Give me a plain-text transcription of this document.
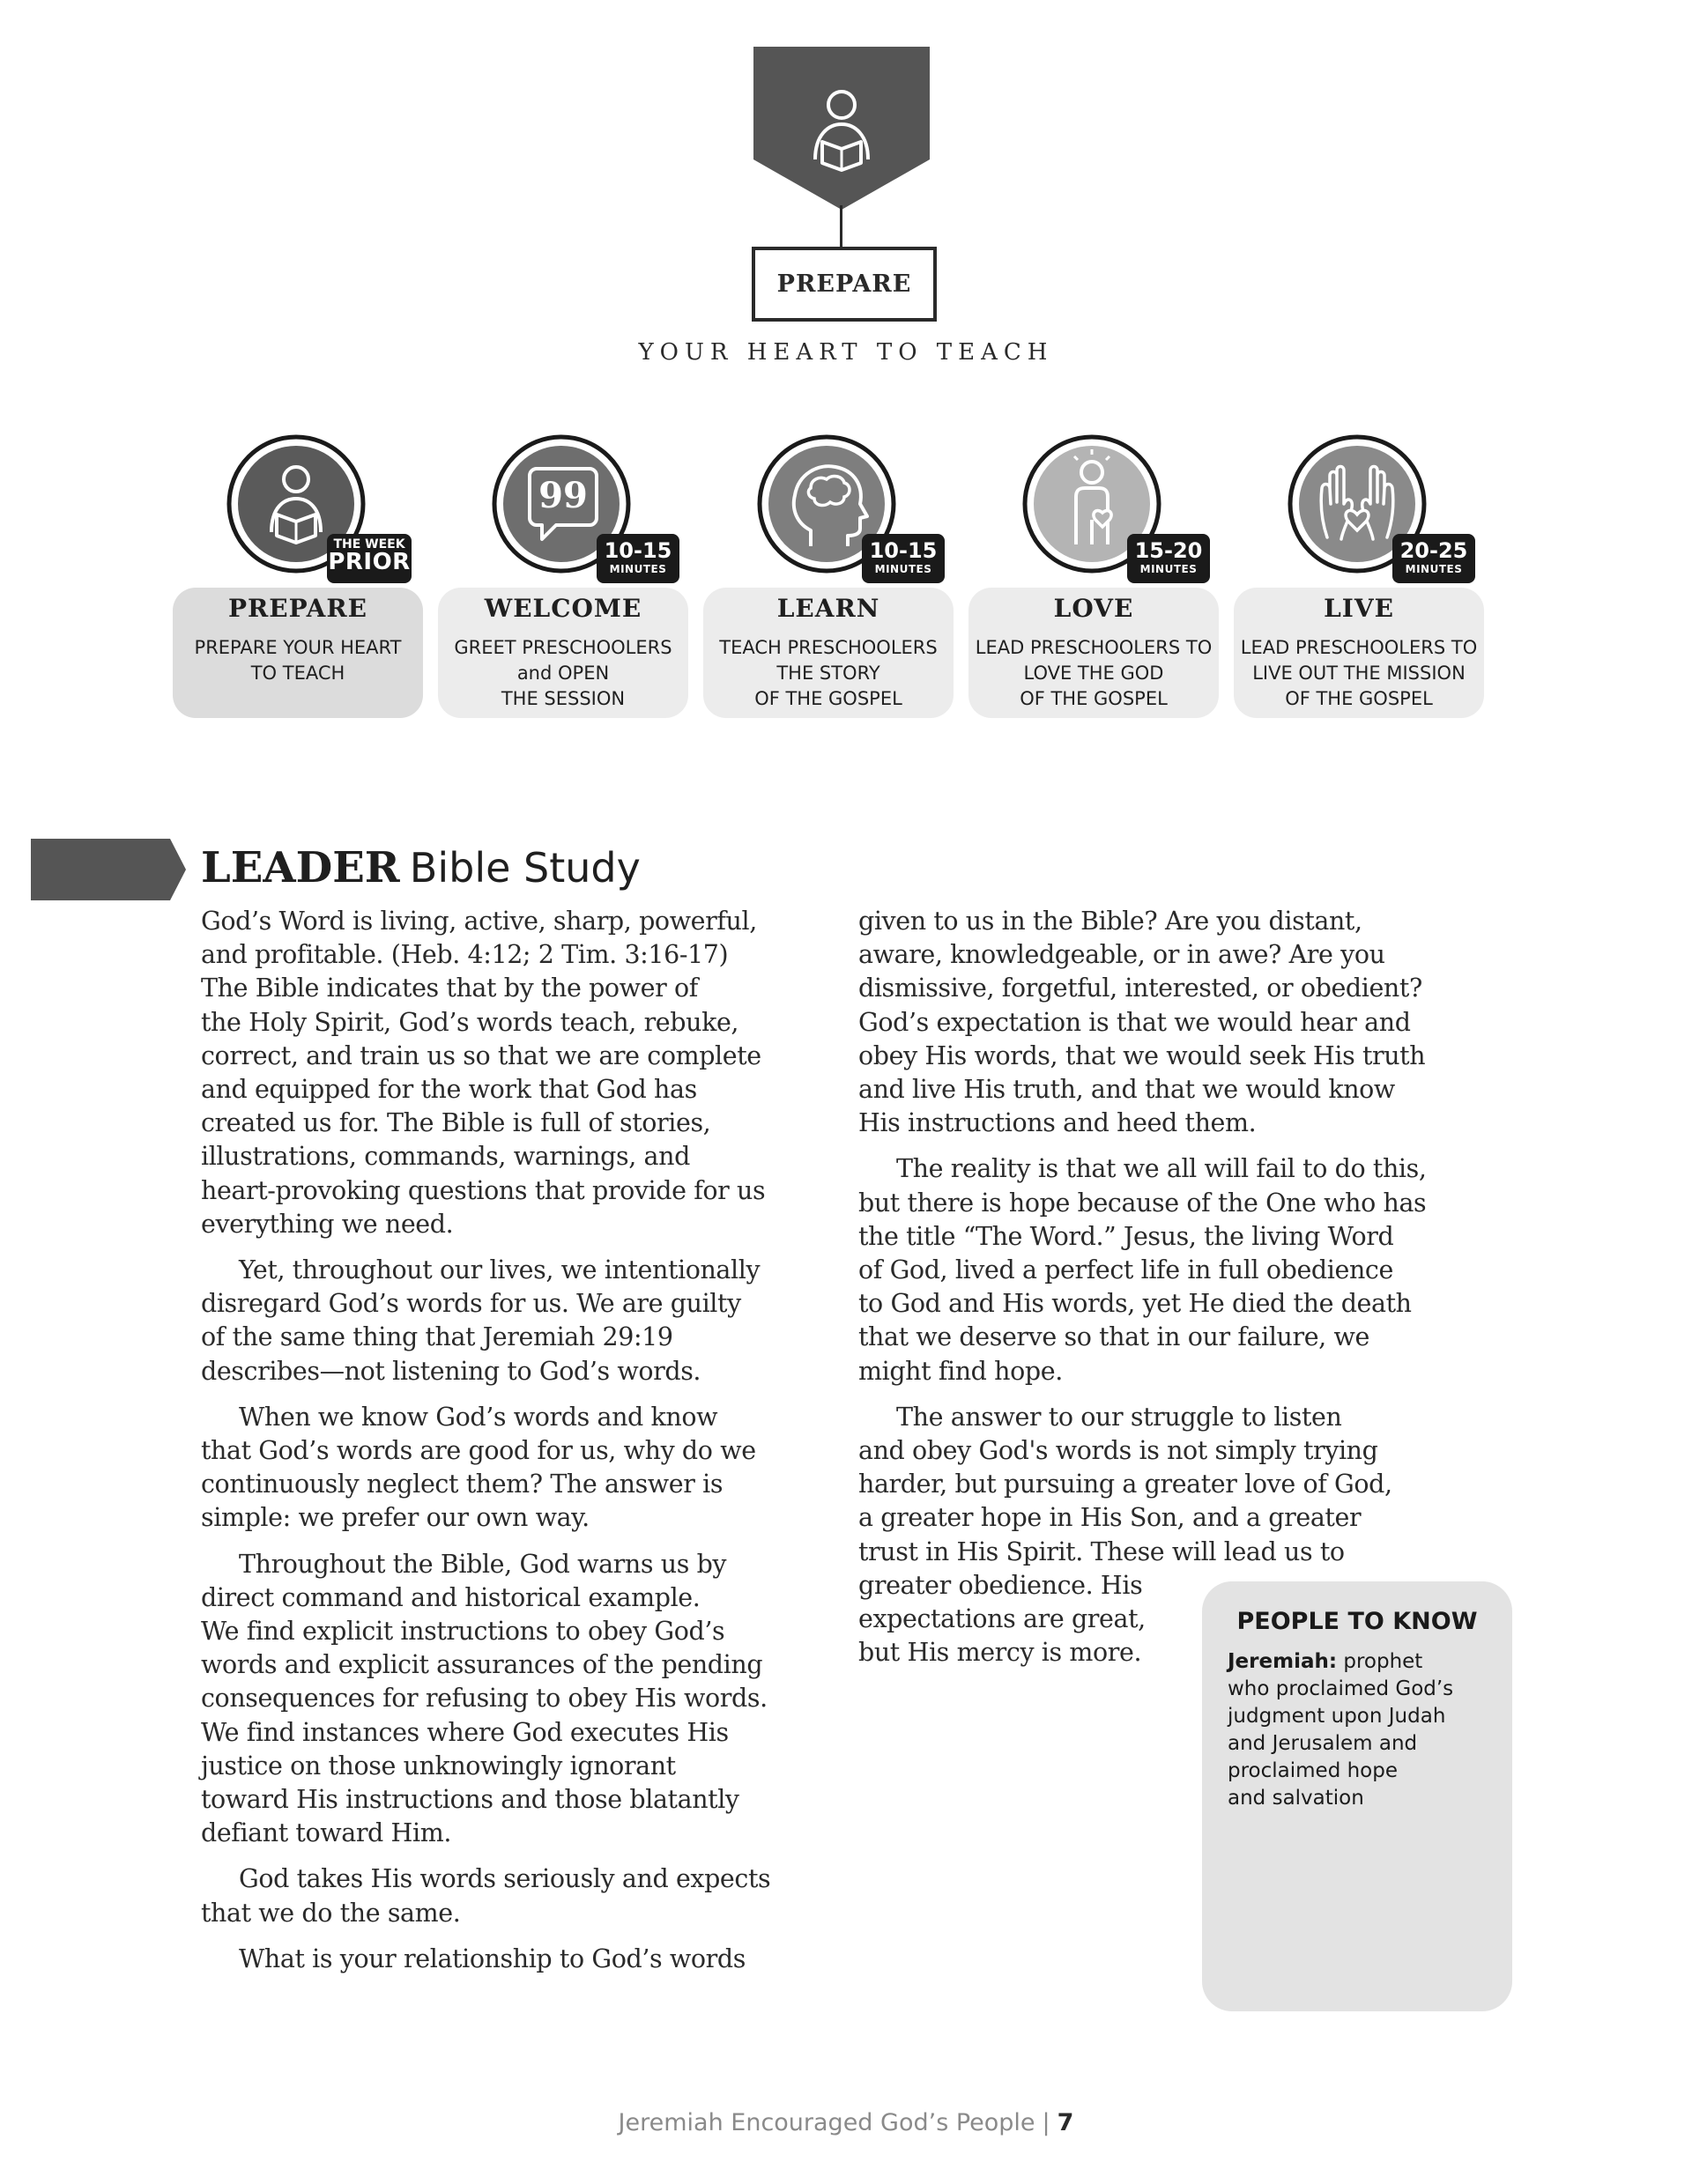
PREPARE
YOUR HEART TO TEACH
THE WEEK
PRIOR
PREPARE
PREPARE YOUR HEART
TO TEACH
99
10-15
MINUTES
WELCOME
GREET PRESCHOOLERS
and OPEN
THE SESSION
10-15
MINUTES
LEARN
TEACH PRESCHOOLERS
THE STORY
OF THE GOSPEL
15-20
MINUTES
LOVE
LEAD PRESCHOOLERS TO
LOVE THE GOD
OF THE GOSPEL
20-25
MINUTES
LIVE
LEAD PRESCHOOLERS TO
LIVE OUT THE MISSION
OF THE GOSPEL
LEADER Bible Study

God’s Word is living, active, sharp, powerful,
and profitable. (Heb. 4:12; 2 Tim. 3:16-17)
The Bible indicates that by the power of
the Holy Spirit, God’s words teach, rebuke,
correct, and train us so that we are complete
and equipped for the work that God has
created us for. The Bible is full of stories,
illustrations, commands, warnings, and
heart-provoking questions that provide for us
everything we need.

Yet, throughout our lives, we intentionally
disregard God’s words for us. We are guilty
of the same thing that Jeremiah 29:19
describes—not listening to God’s words.

When we know God’s words and know
that God’s words are good for us, why do we
continuously neglect them? The answer is
simple: we prefer our own way.

Throughout the Bible, God warns us by
direct command and historical example.
We find explicit instructions to obey God’s
words and explicit assurances of the pending
consequences for refusing to obey His words.
We find instances where God executes His
justice on those unknowingly ignorant
toward His instructions and those blatantly
defiant toward Him.

God takes His words seriously and expects
that we do the same.

What is your relationship to God’s words

given to us in the Bible? Are you distant,
aware, knowledgeable, or in awe? Are you
dismissive, forgetful, interested, or obedient?
God’s expectation is that we would hear and
obey His words, that we would seek His truth
and live His truth, and that we would know
His instructions and heed them.

The reality is that we all will fail to do this,
but there is hope because of the One who has
the title “The Word.” Jesus, the living Word
of God, lived a perfect life in full obedience
to God and His words, yet He died the death
that we deserve so that in our failure, we
might find hope.

The answer to our struggle to listen
and obey God's words is not simply trying
harder, but pursuing a greater love of God,
a greater hope in His Son, and a greater
trust in His Spirit. These will lead us to
greater obedience. His
expectations are great,
but His mercy is more.

PEOPLE TO KNOW
Jeremiah: prophet
who proclaimed God’s
judgment upon Judah
and Jerusalem and
proclaimed hope
and salvation
Jeremiah Encouraged God’s People | 7
